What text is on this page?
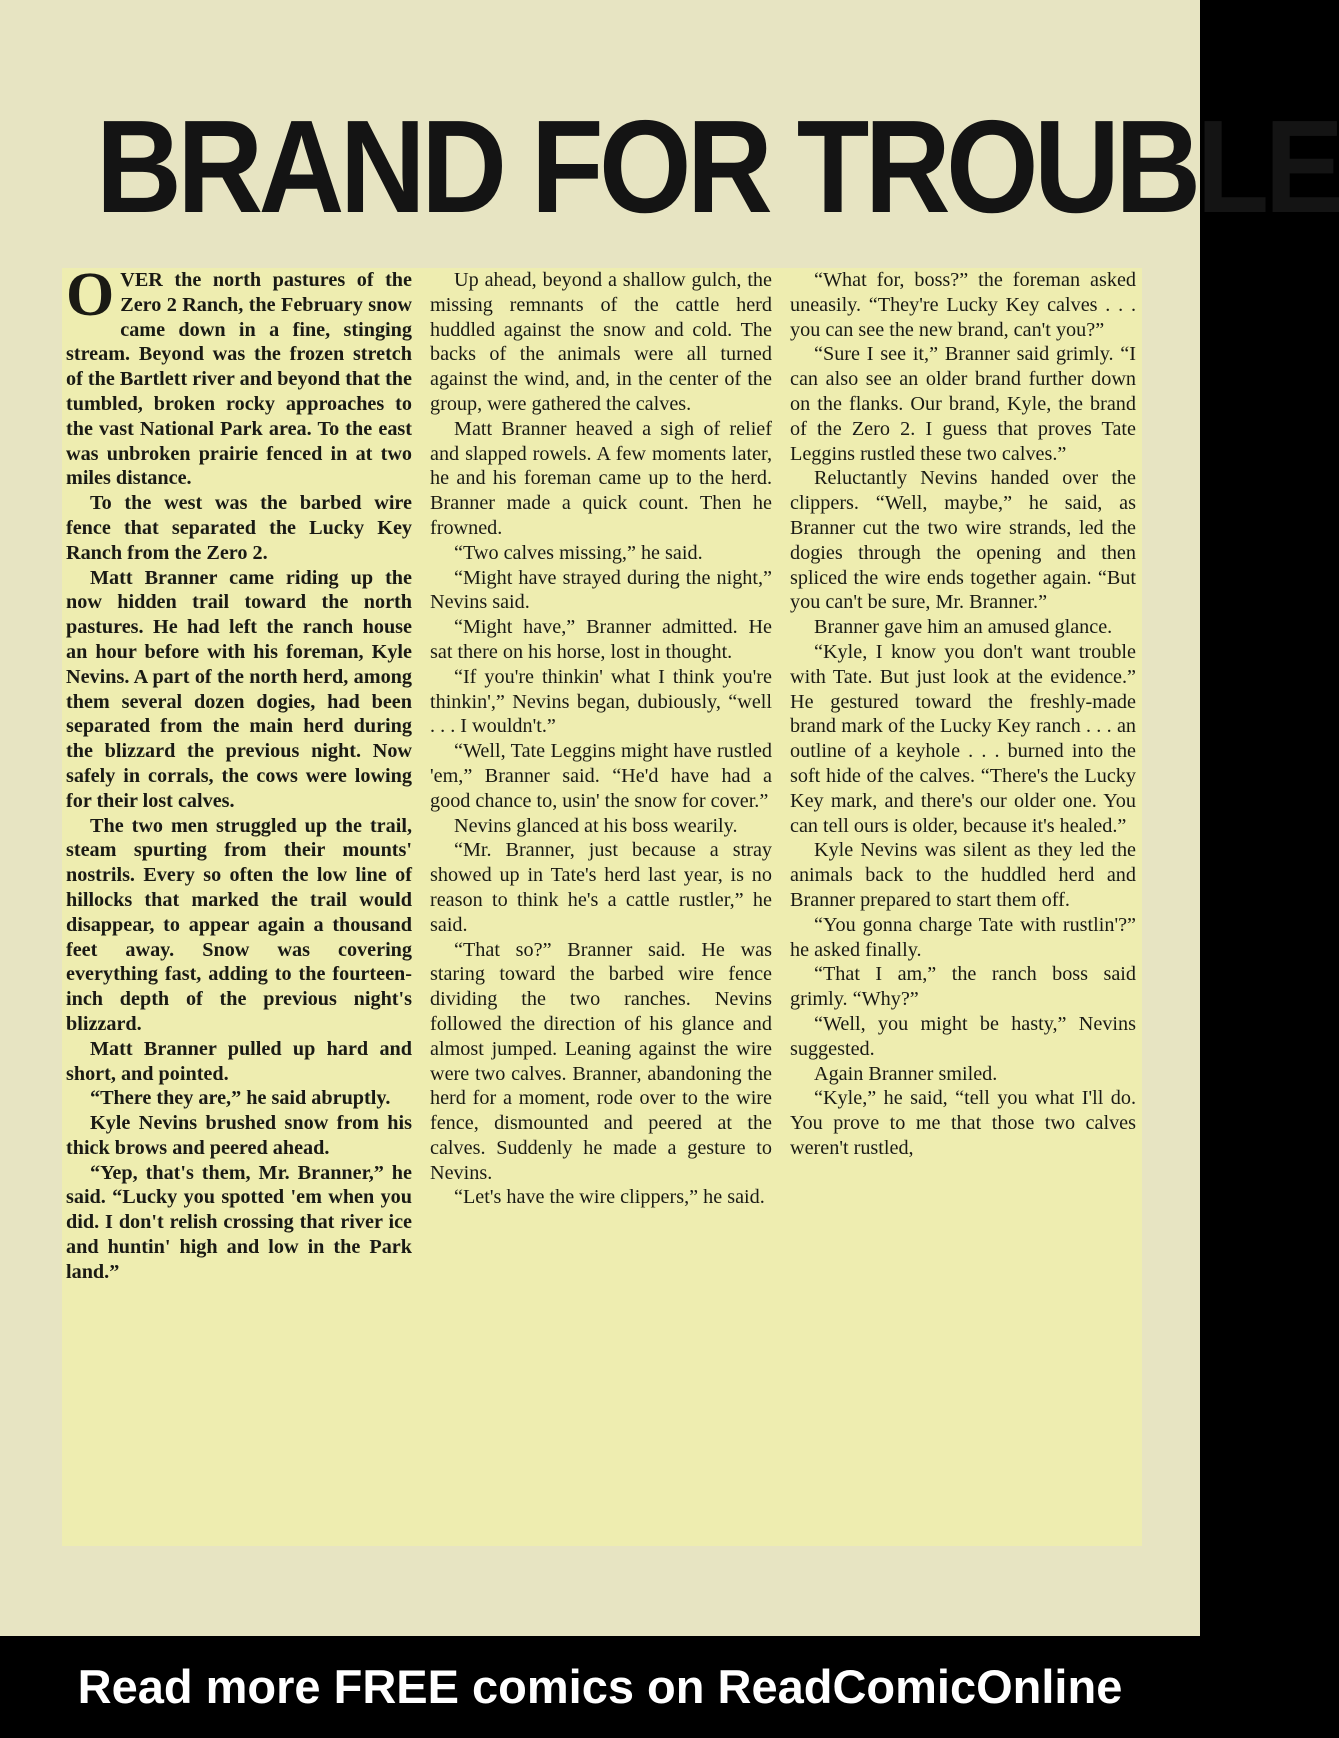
BRAND FOR TROUBLE

OVER the north pastures of the Zero 2 Ranch, the February snow came down in a fine, stinging stream. Beyond was the frozen stretch of the Bartlett river and beyond that the tumbled, broken rocky approaches to the vast National Park area. To the east was unbroken prairie fenced in at two miles distance.

To the west was the barbed wire fence that separated the Lucky Key Ranch from the Zero 2.

Matt Branner came riding up the now hidden trail toward the north pastures. He had left the ranch house an hour before with his foreman, Kyle Nevins. A part of the north herd, among them several dozen dogies, had been separated from the main herd during the blizzard the previous night. Now safely in corrals, the cows were lowing for their lost calves.

The two men struggled up the trail, steam spurting from their mounts' nostrils. Every so often the low line of hillocks that marked the trail would disappear, to appear again a thousand feet away. Snow was covering everything fast, adding to the fourteen-inch depth of the previous night's blizzard.

Matt Branner pulled up hard and short, and pointed.

“There they are,” he said abruptly.

Kyle Nevins brushed snow from his thick brows and peered ahead.

“Yep, that's them, Mr. Branner,” he said. “Lucky you spotted 'em when you did. I don't relish crossing that river ice and huntin' high and low in the Park land.”

Up ahead, beyond a shallow gulch, the missing remnants of the cattle herd huddled against the snow and cold. The backs of the animals were all turned against the wind, and, in the center of the group, were gathered the calves.

Matt Branner heaved a sigh of relief and slapped rowels. A few moments later, he and his foreman came up to the herd. Branner made a quick count. Then he frowned.

“Two calves missing,” he said.

“Might have strayed during the night,” Nevins said.

“Might have,” Branner admitted. He sat there on his horse, lost in thought.

“If you're thinkin' what I think you're thinkin',” Nevins began, dubiously, “well . . . I wouldn't.”

“Well, Tate Leggins might have rustled 'em,” Branner said. “He'd have had a good chance to, usin' the snow for cover.”

Nevins glanced at his boss wearily.

“Mr. Branner, just because a stray showed up in Tate's herd last year, is no reason to think he's a cattle rustler,” he said.

“That so?” Branner said. He was staring toward the barbed wire fence dividing the two ranches. Nevins followed the direction of his glance and almost jumped. Leaning against the wire were two calves. Branner, abandoning the herd for a moment, rode over to the wire fence, dismounted and peered at the calves. Suddenly he made a gesture to Nevins.

“Let's have the wire clippers,” he said.

“What for, boss?” the foreman asked uneasily. “They're Lucky Key calves . . . you can see the new brand, can't you?”

“Sure I see it,” Branner said grimly. “I can also see an older brand further down on the flanks. Our brand, Kyle, the brand of the Zero 2. I guess that proves Tate Leggins rustled these two calves.”

Reluctantly Nevins handed over the clippers. “Well, maybe,” he said, as Branner cut the two wire strands, led the dogies through the opening and then spliced the wire ends together again. “But you can't be sure, Mr. Branner.”

Branner gave him an amused glance.

“Kyle, I know you don't want trouble with Tate. But just look at the evidence.” He gestured toward the freshly-made brand mark of the Lucky Key ranch . . . an outline of a keyhole . . . burned into the soft hide of the calves. “There's the Lucky Key mark, and there's our older one. You can tell ours is older, because it's healed.”

Kyle Nevins was silent as they led the animals back to the huddled herd and Branner prepared to start them off.

“You gonna charge Tate with rustlin'?” he asked finally.

“That I am,” the ranch boss said grimly. “Why?”

“Well, you might be hasty,” Nevins suggested.

Again Branner smiled.

“Kyle,” he said, “tell you what I'll do. You prove to me that those two calves weren't rustled,

Read more FREE comics on ReadComicOnline
